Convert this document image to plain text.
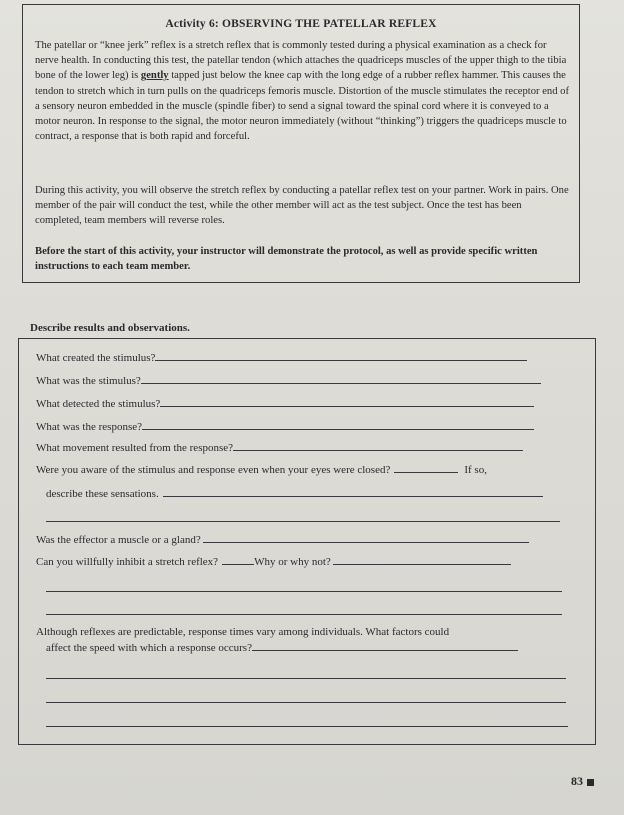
Activity 6: OBSERVING THE PATELLAR REFLEX
The patellar or “knee jerk” reflex is a stretch reflex that is commonly tested during a physical examination as a check for nerve health. In conducting this test, the patellar tendon (which attaches the quadriceps muscles of the upper thigh to the tibia bone of the lower leg) is gently tapped just below the knee cap with the long edge of a rubber reflex hammer. This causes the tendon to stretch which in turn pulls on the quadriceps femoris muscle. Distortion of the muscle stimulates the receptor end of a sensory neuron embedded in the muscle (spindle fiber) to send a signal toward the spinal cord where it is conveyed to a motor neuron. In response to the signal, the motor neuron immediately (without “thinking”) triggers the quadriceps muscle to contract, a response that is both rapid and forceful.
During this activity, you will observe the stretch reflex by conducting a patellar reflex test on your partner. Work in pairs. One member of the pair will conduct the test, while the other member will act as the test subject. Once the test has been completed, team members will reverse roles.
Before the start of this activity, your instructor will demonstrate the protocol, as well as provide specific written instructions to each team member.
Describe results and observations.
What created the stimulus?
What was the stimulus?
What detected the stimulus?
What was the response?
What movement resulted from the response?
Were you aware of the stimulus and response even when your eyes were closed?	If so,
describe these sensations.
Was the effector a muscle or a gland?
Can you willfully inhibit a stretch reflex?	Why or why not?
Although reflexes are predictable, response times vary among individuals. What factors could
affect the speed with which a response occurs?
83
